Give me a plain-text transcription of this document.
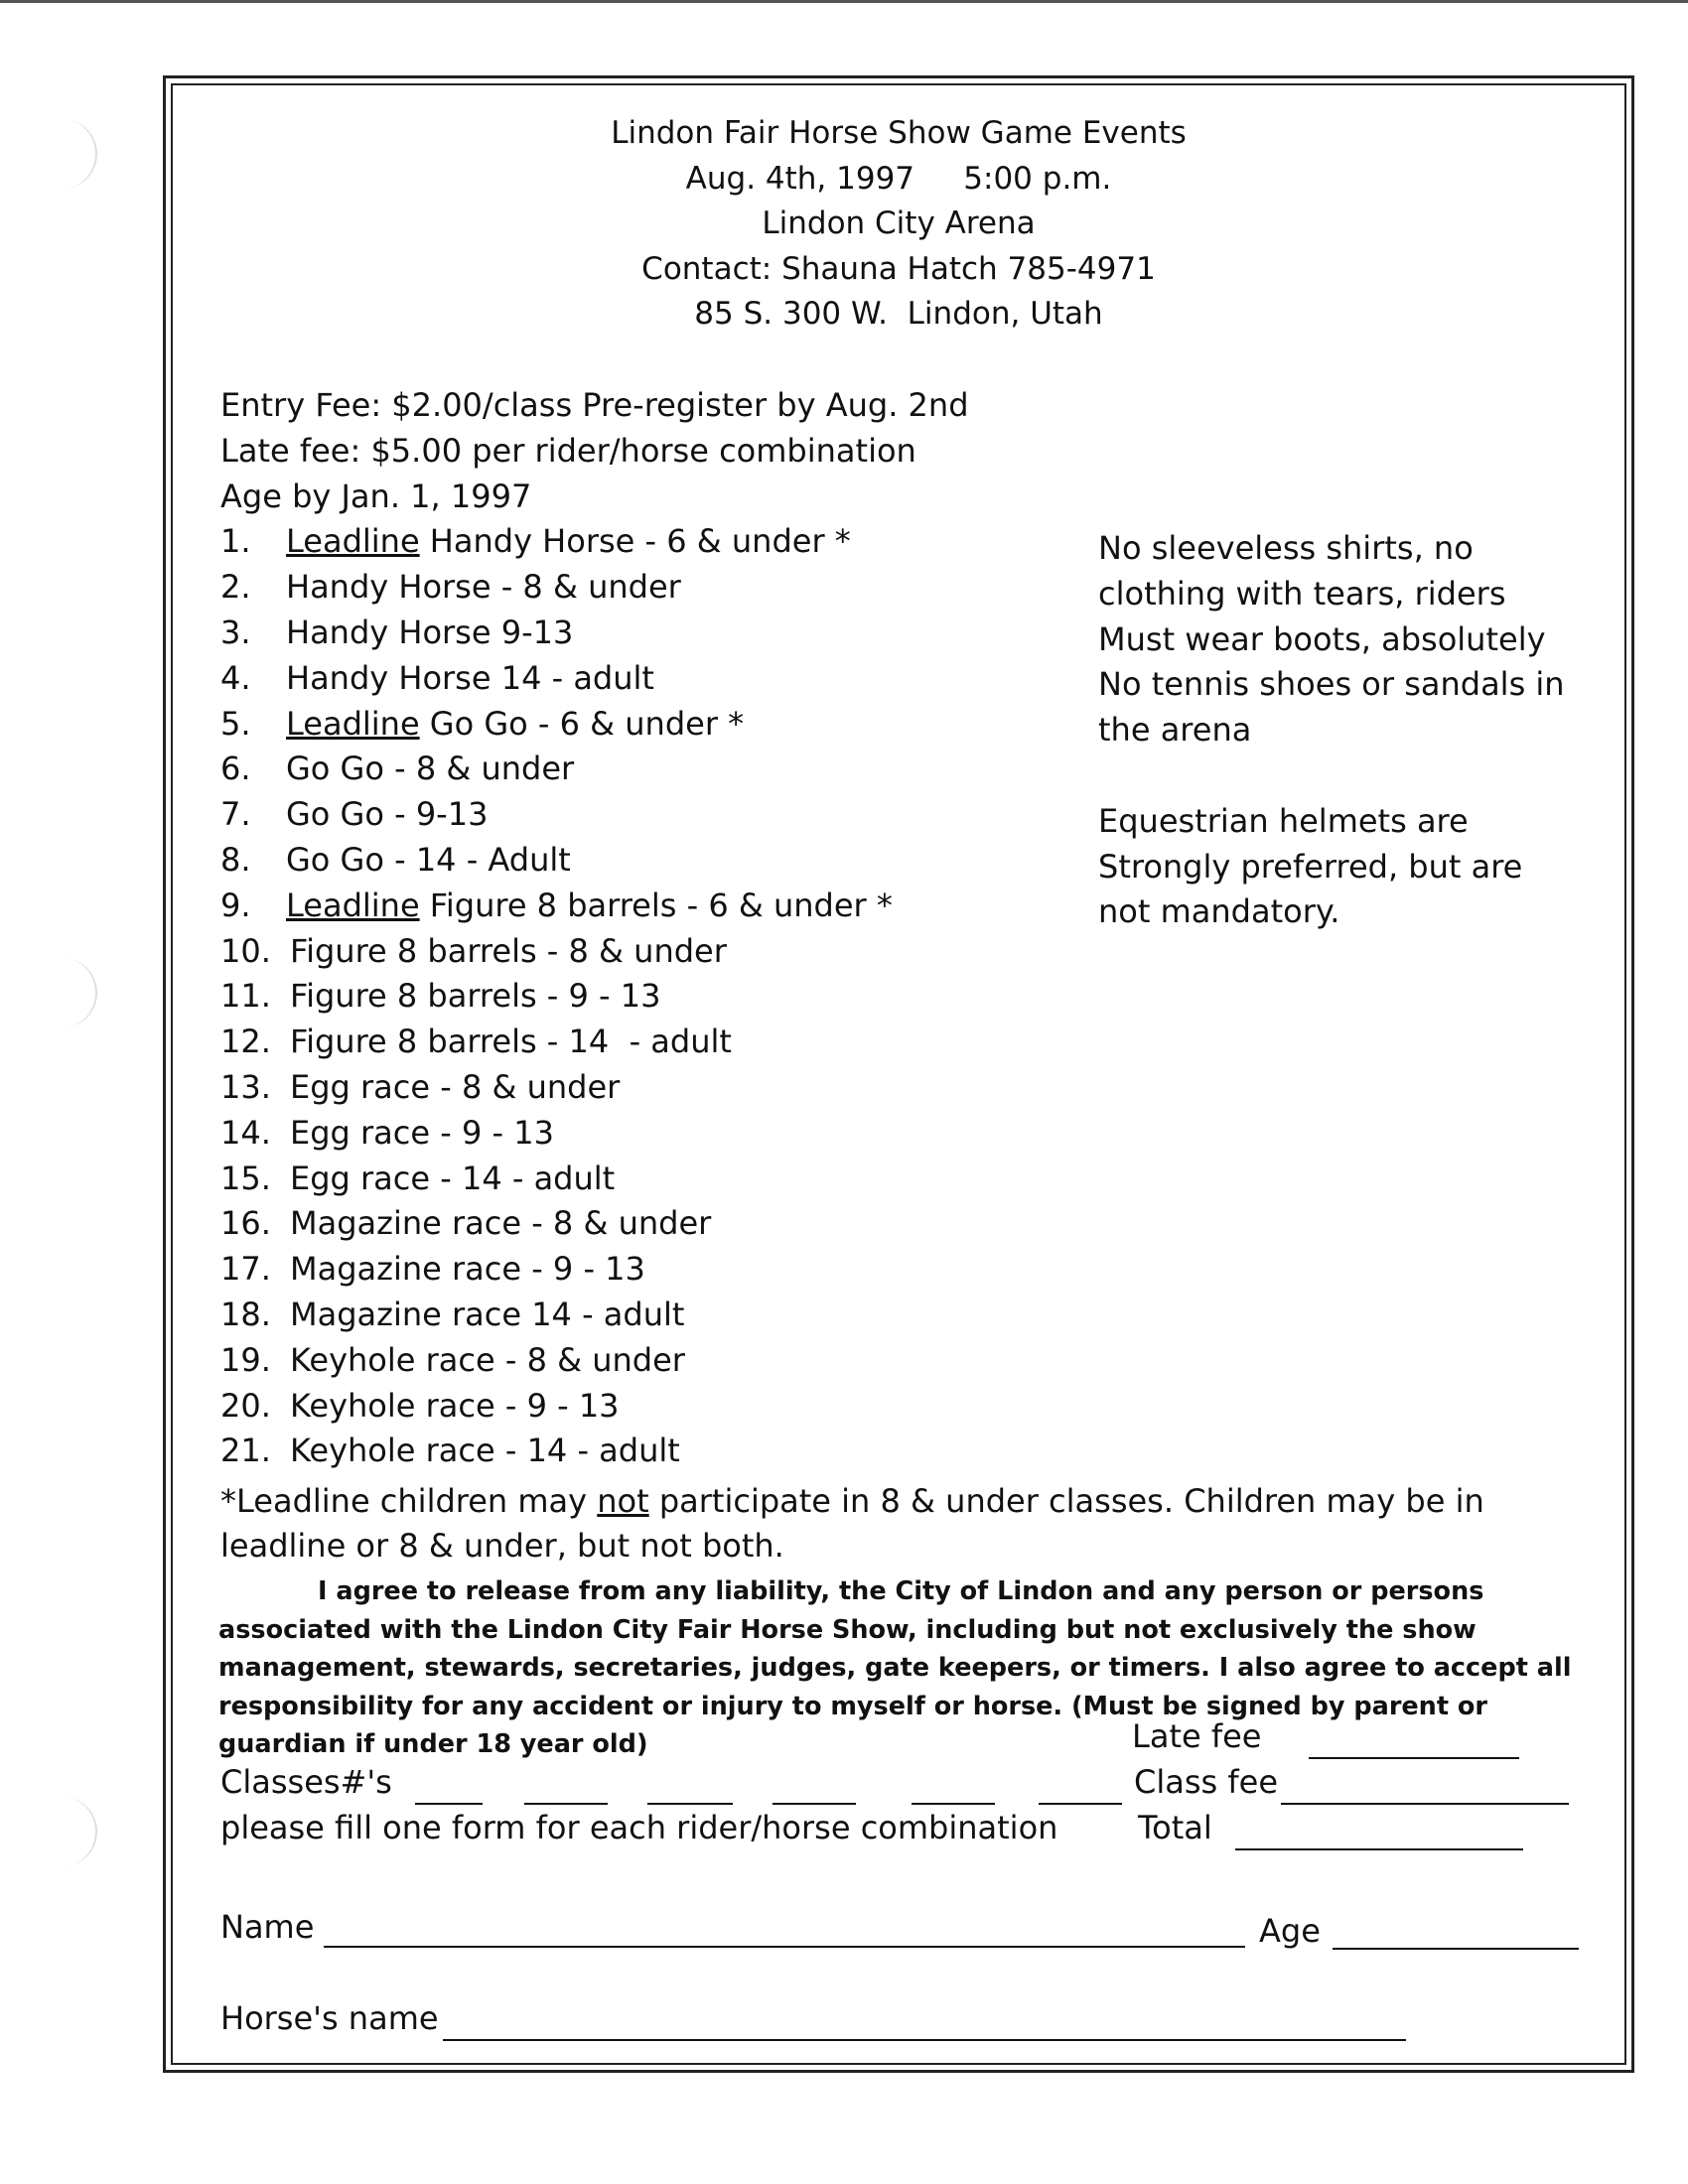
Lindon Fair Horse Show Game Events
Aug. 4th, 1997     5:00 p.m.
Lindon City Arena
Contact: Shauna Hatch 785-4971
85 S. 300 W.  Lindon, Utah
Entry Fee: $2.00/class Pre-register by Aug. 2nd
Late fee: $5.00 per rider/horse combination
Age by Jan. 1, 1997
1. Leadline Handy Horse - 6 & under *
2. Handy Horse - 8 & under
3. Handy Horse 9-13
4. Handy Horse 14 - adult
5. Leadline Go Go - 6 & under *
6. Go Go - 8 & under
7. Go Go - 9-13
8. Go Go - 14 - Adult
9. Leadline Figure 8 barrels - 6 & under *
10. Figure 8 barrels - 8 & under
11. Figure 8 barrels - 9 - 13
12. Figure 8 barrels - 14  - adult
13. Egg race - 8 & under
14. Egg race - 9 - 13
15. Egg race - 14 - adult
16. Magazine race - 8 & under
17. Magazine race - 9 - 13
18. Magazine race 14 - adult
19. Keyhole race - 8 & under
20. Keyhole race - 9 - 13
21. Keyhole race - 14 - adult
No sleeveless shirts, no
clothing with tears, riders
Must wear boots, absolutely
No tennis shoes or sandals in
the arena
Equestrian helmets are
Strongly preferred, but are
not mandatory.
*Leadline children may not participate in 8 & under classes. Children may be in leadline or 8 & under, but not both.
I agree to release from any liability, the City of Lindon and any person or persons associated with the Lindon City Fair Horse Show, including but not exclusively the show management, stewards, secretaries, judges, gate keepers, or timers. I also agree to accept all responsibility for any accident or injury to myself or horse. (Must be signed by parent or guardian if under 18 year old)	Late fee
Classes#'s	Class fee
please fill one form for each rider/horse combination	Total
Name	Age
Horse's name
